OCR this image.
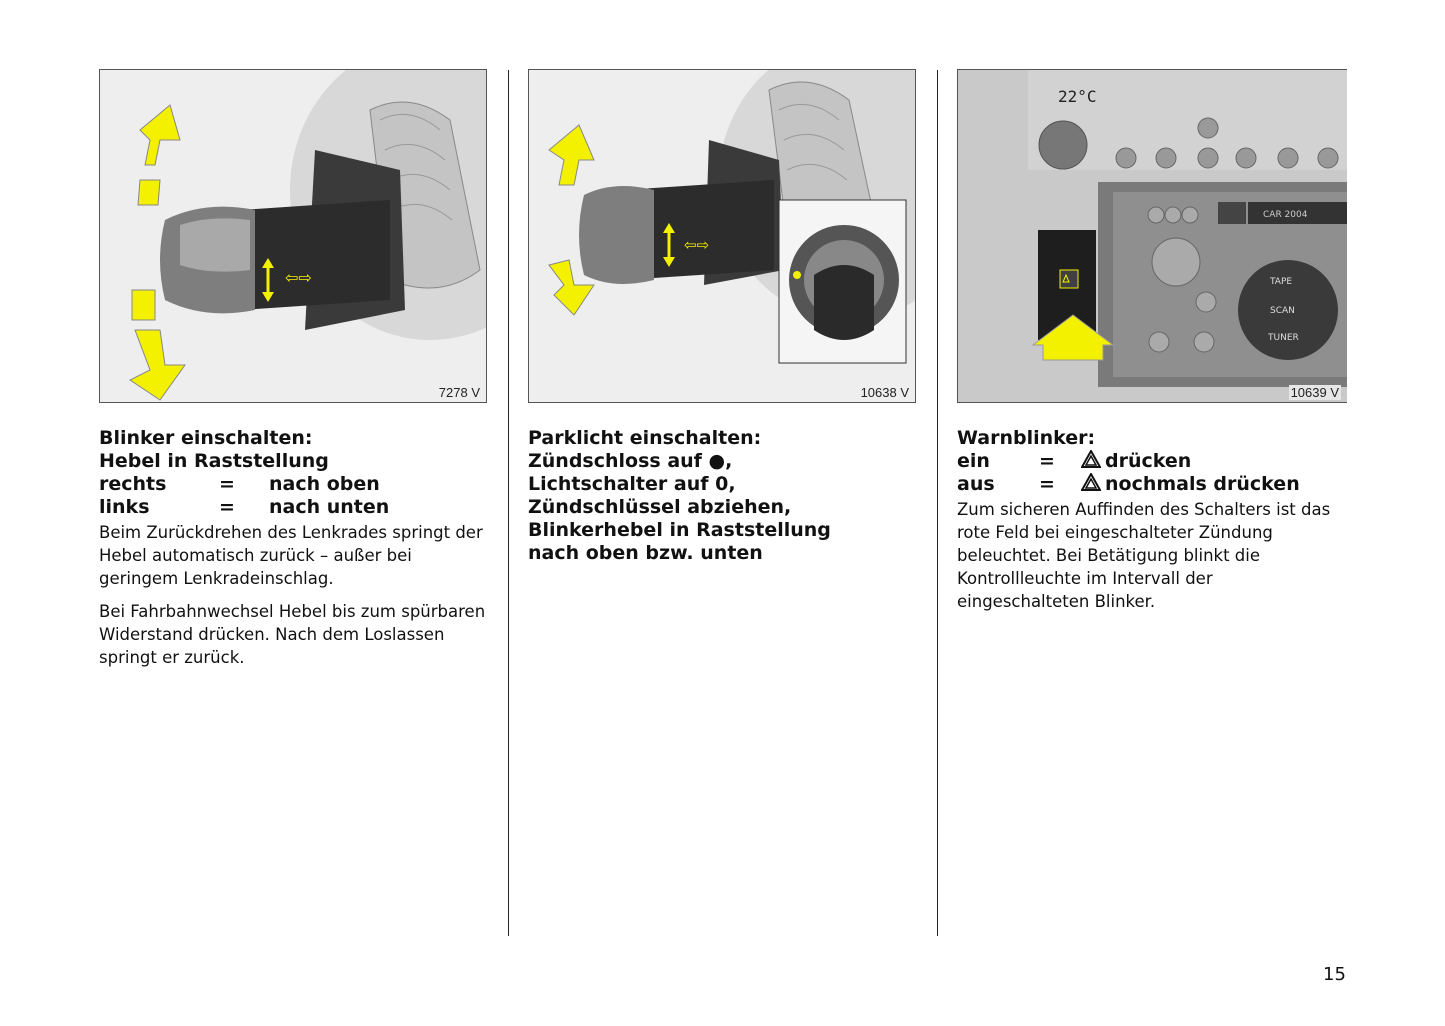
⇦⇨
7278 V
Blinker einschalten:
Hebel in Raststellung
rechts	=	nach oben
links	=	nach unten

Beim Zurückdrehen des Lenkrades springt der Hebel automatisch zurück – außer bei geringem Lenkradeinschlag.

Bei Fahrbahnwechsel Hebel bis zum spürbaren Widerstand drücken. Nach dem Loslassen springt er zurück.

⇦⇨
10638 V
Parklicht einschalten:
Zündschloss auf ●,
Lichtschalter auf 0,
Zündschlüssel abziehen,
Blinkerhebel in Raststellung
nach oben bzw. unten
22°C
CAR 2004
TAPE
SCAN
TUNER
10639 V
Warnblinker:
ein	=	drücken
aus	=	nochmals drücken

Zum sicheren Auffinden des Schalters ist das rote Feld bei eingeschalteter Zündung beleuchtet. Bei Betätigung blinkt die Kontrollleuchte im Intervall der eingeschalteten Blinker.

15
